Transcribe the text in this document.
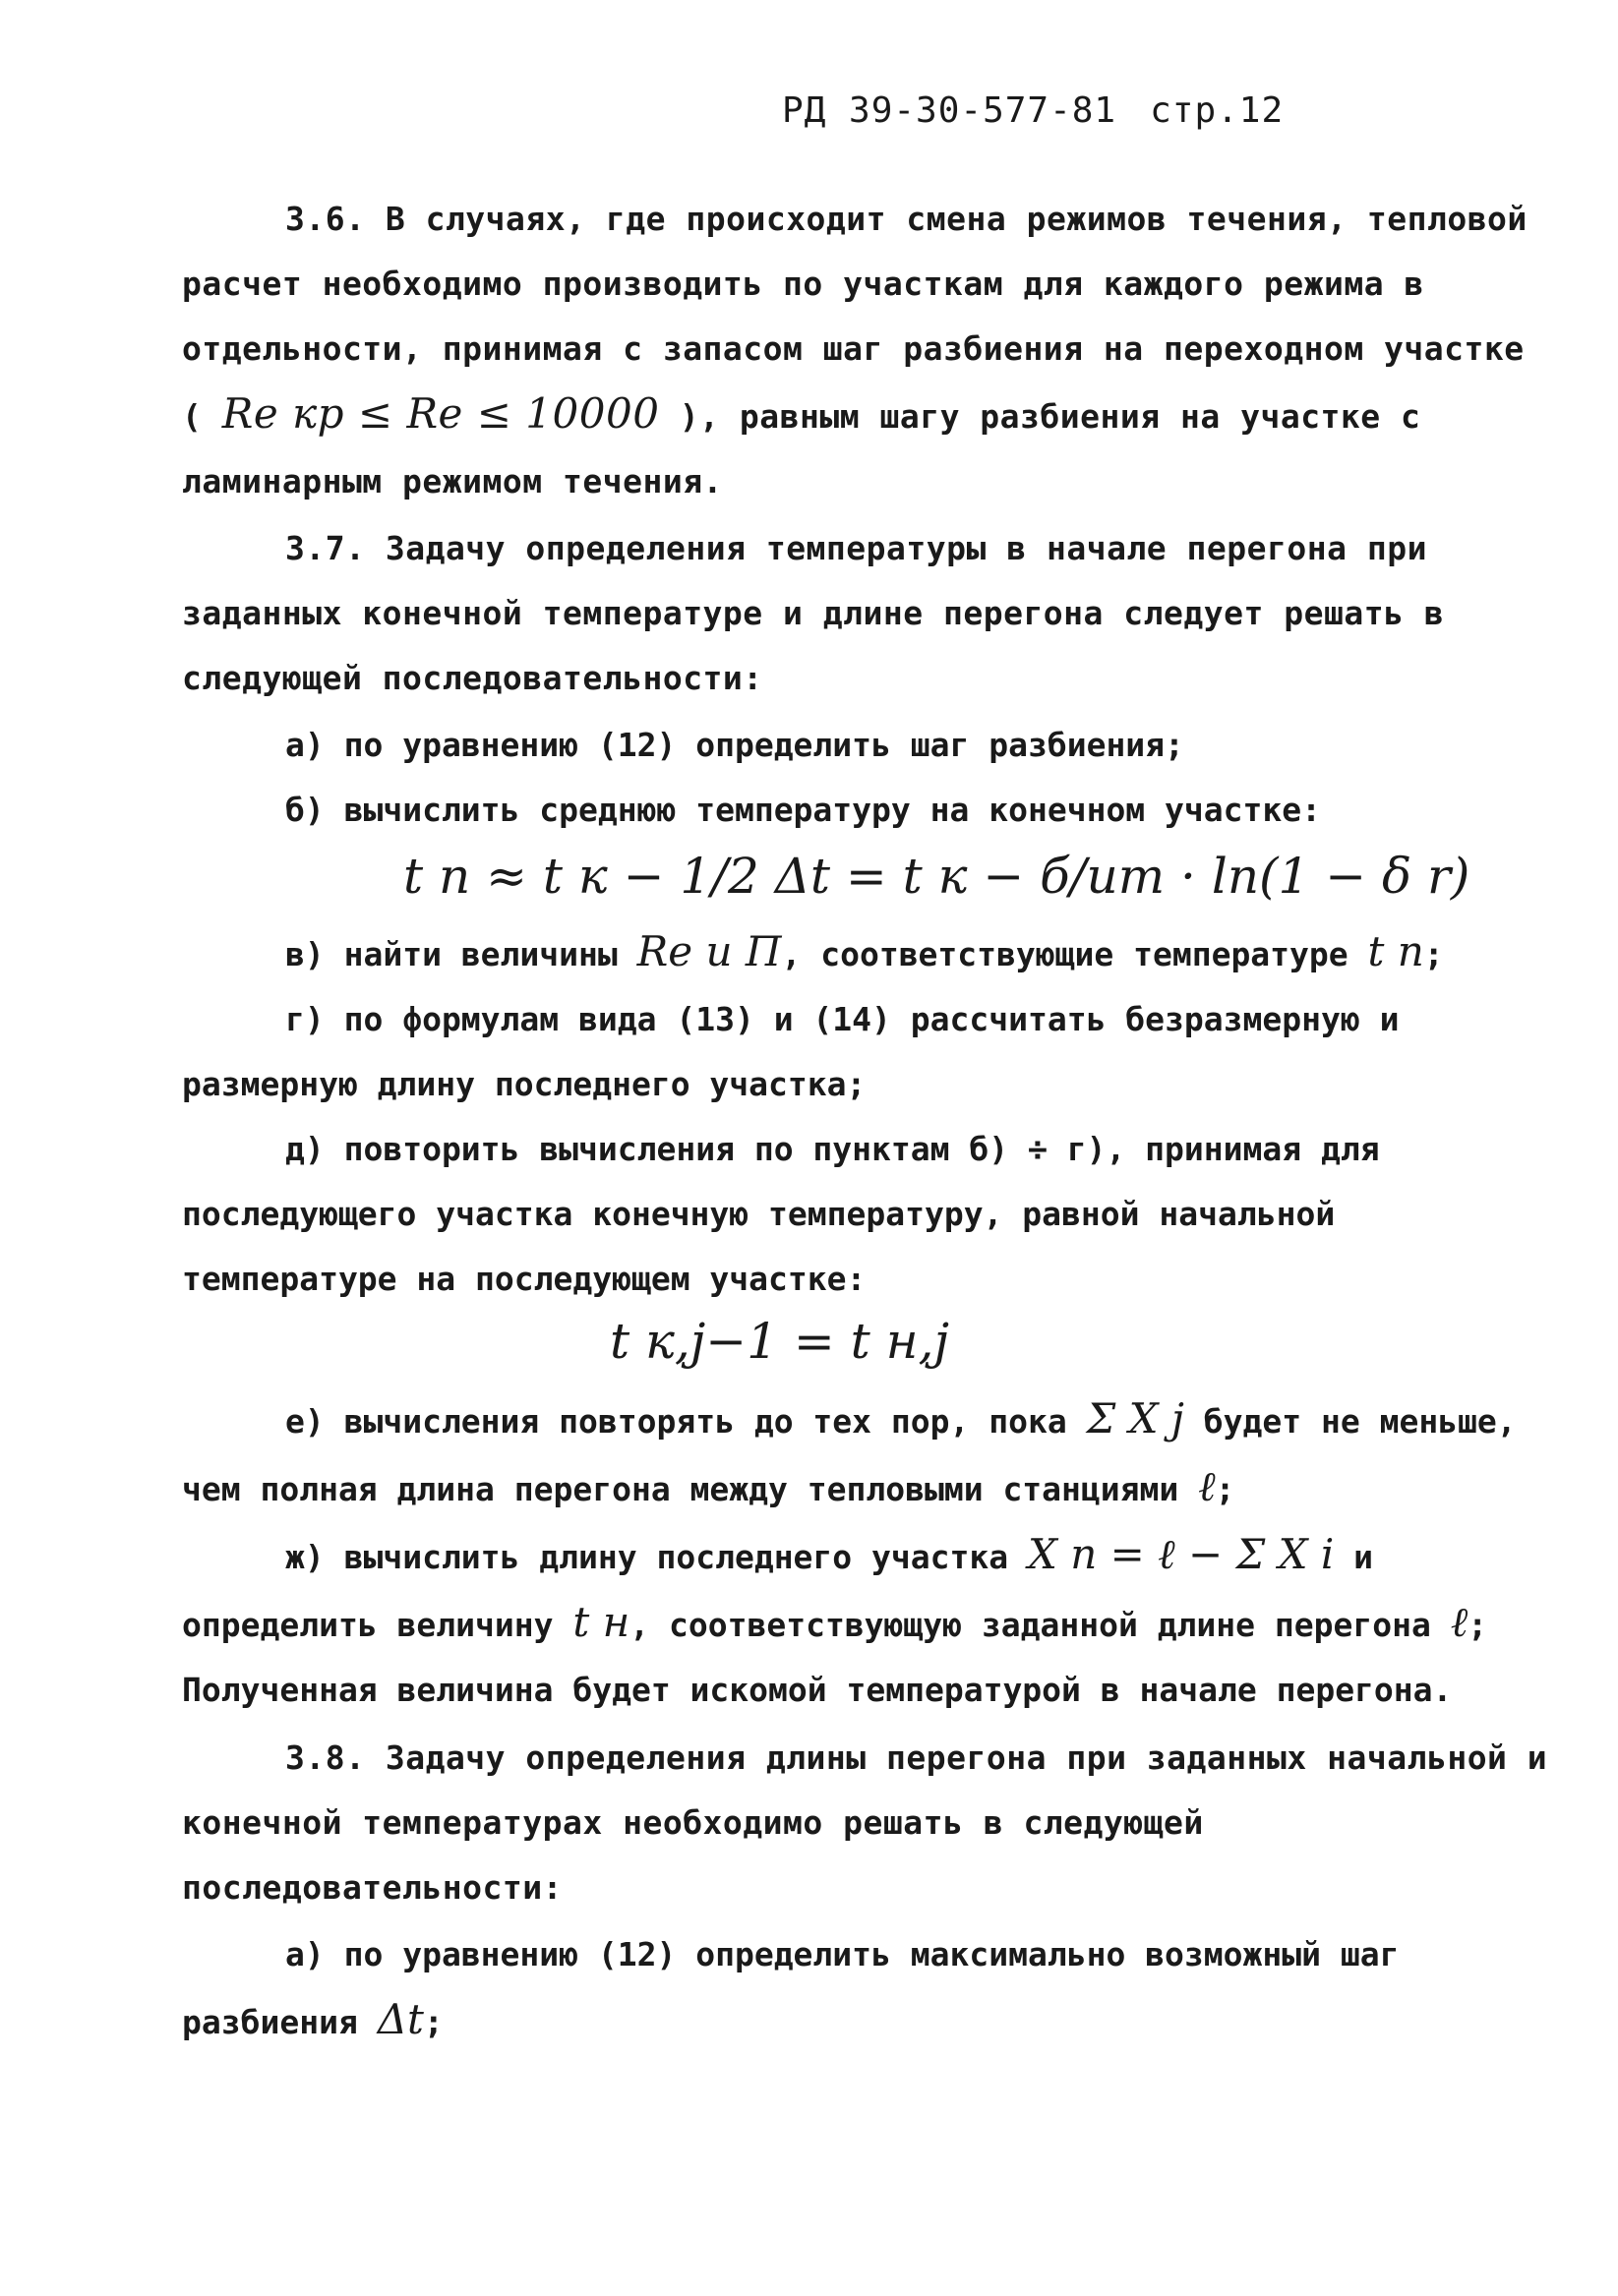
РД 39-30-577-81 стр.12
3.6. В случаях, где происходит смена режимов течения, тепловой расчет необходимо производить по участкам для каждого режима в отдельности, принимая с запасом шаг разбиения на переходном участке ( Re кр ≤ Re ≤ 10000 ), равным шагу разбиения на участке с ламинарным режимом течения.
3.7. Задачу определения температуры в начале перегона при заданных конечной температуре и длине перегона следует решать в следующей последовательности:
а) по уравнению (12) определить шаг разбиения;
б) вычислить среднюю температуру на конечном участке:
t n ≈ t к − 1/2 Δt = t к − б/ит · ln(1 − δ r)
в) найти величины Re и П, соответствующие температуре t n;
г) по формулам вида (13) и (14) рассчитать безразмерную и размерную длину последнего участка;
д) повторить вычисления по пунктам б) ÷ г), принимая для последующего участка конечную температуру, равной начальной температуре на последующем участке:
t к,j−1 = t н,j
е) вычисления повторять до тех пор, пока Σ X j будет не меньше, чем полная длина перегона между тепловыми станциями ℓ;
ж) вычислить длину последнего участка X n = ℓ − Σ X i и определить величину t н, соответствующую заданной длине перегона ℓ; Полученная величина будет искомой температурой в начале перегона.
3.8. Задачу определения длины перегона при заданных начальной и конечной температурах необходимо решать в следующей последовательности:
а) по уравнению (12) определить максимально возможный шаг разбиения Δt;
